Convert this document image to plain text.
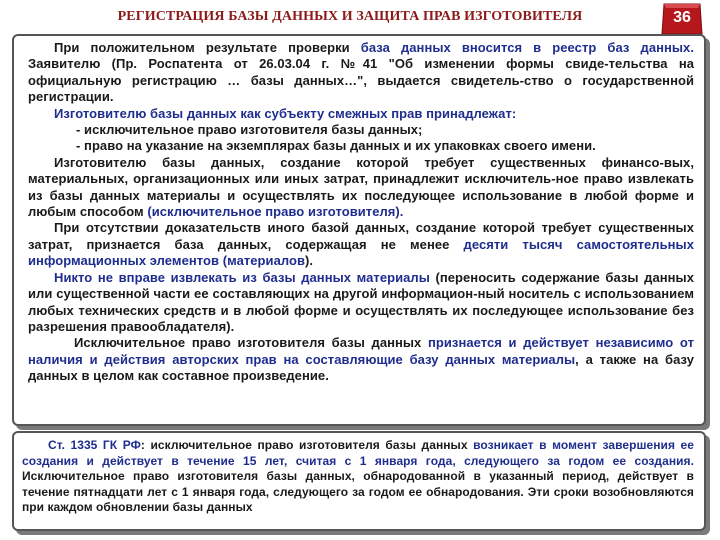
РЕГИСТРАЦИЯ БАЗЫ ДАННЫХ И ЗАЩИТА ПРАВ ИЗГОТОВИТЕЛЯ	36

При положительном результате проверки база данных вносится в реестр баз данных. Заявителю (Пр. Роспатента от 26.03.04 г. №41 "Об изменении формы свиде-тельства на официальную регистрацию … базы данных…", выдается свидетель-ство о государственной регистрации.

Изготовителю базы данных как субъекту смежных прав принадлежат:

- исключительное право изготовителя базы данных;

- право на указание на экземплярах базы данных и их упаковках своего имени.

Изготовителю базы данных, создание которой требует существенных финансо-вых, материальных, организационных или иных затрат, принадлежит исключитель-ное право извлекать из базы данных материалы и осуществлять их последующее использование в любой форме и любым способом (исключительное право изготовителя).

При отсутствии доказательств иного базой данных, создание которой требует существенных затрат, признается база данных, содержащая не менее десяти тысяч самостоятельных информационных элементов (материалов).

Никто не вправе извлекать из базы данных материалы (переносить содержание базы данных или существенной части ее составляющих на другой информацион-ный носитель с использованием любых технических средств и в любой форме и осуществлять их последующее использование без разрешения правообладателя).

Исключительное право изготовителя базы данных признается и действует независимо от наличия и действия авторских прав на составляющие базу данных материалы, а также на базу данных в целом как составное произведение.

Ст. 1335 ГК РФ: исключительное право изготовителя базы данных возникает в момент завершения ее создания и действует в течение 15 лет, считая с 1 января года, следующего за годом ее создания. Исключительное право изготовителя базы данных, обнародованной в указанный период, действует в течение пятнадцати лет с 1 января года, следующего за годом ее обнародования. Эти сроки возобновляются при каждом обновлении базы данных
